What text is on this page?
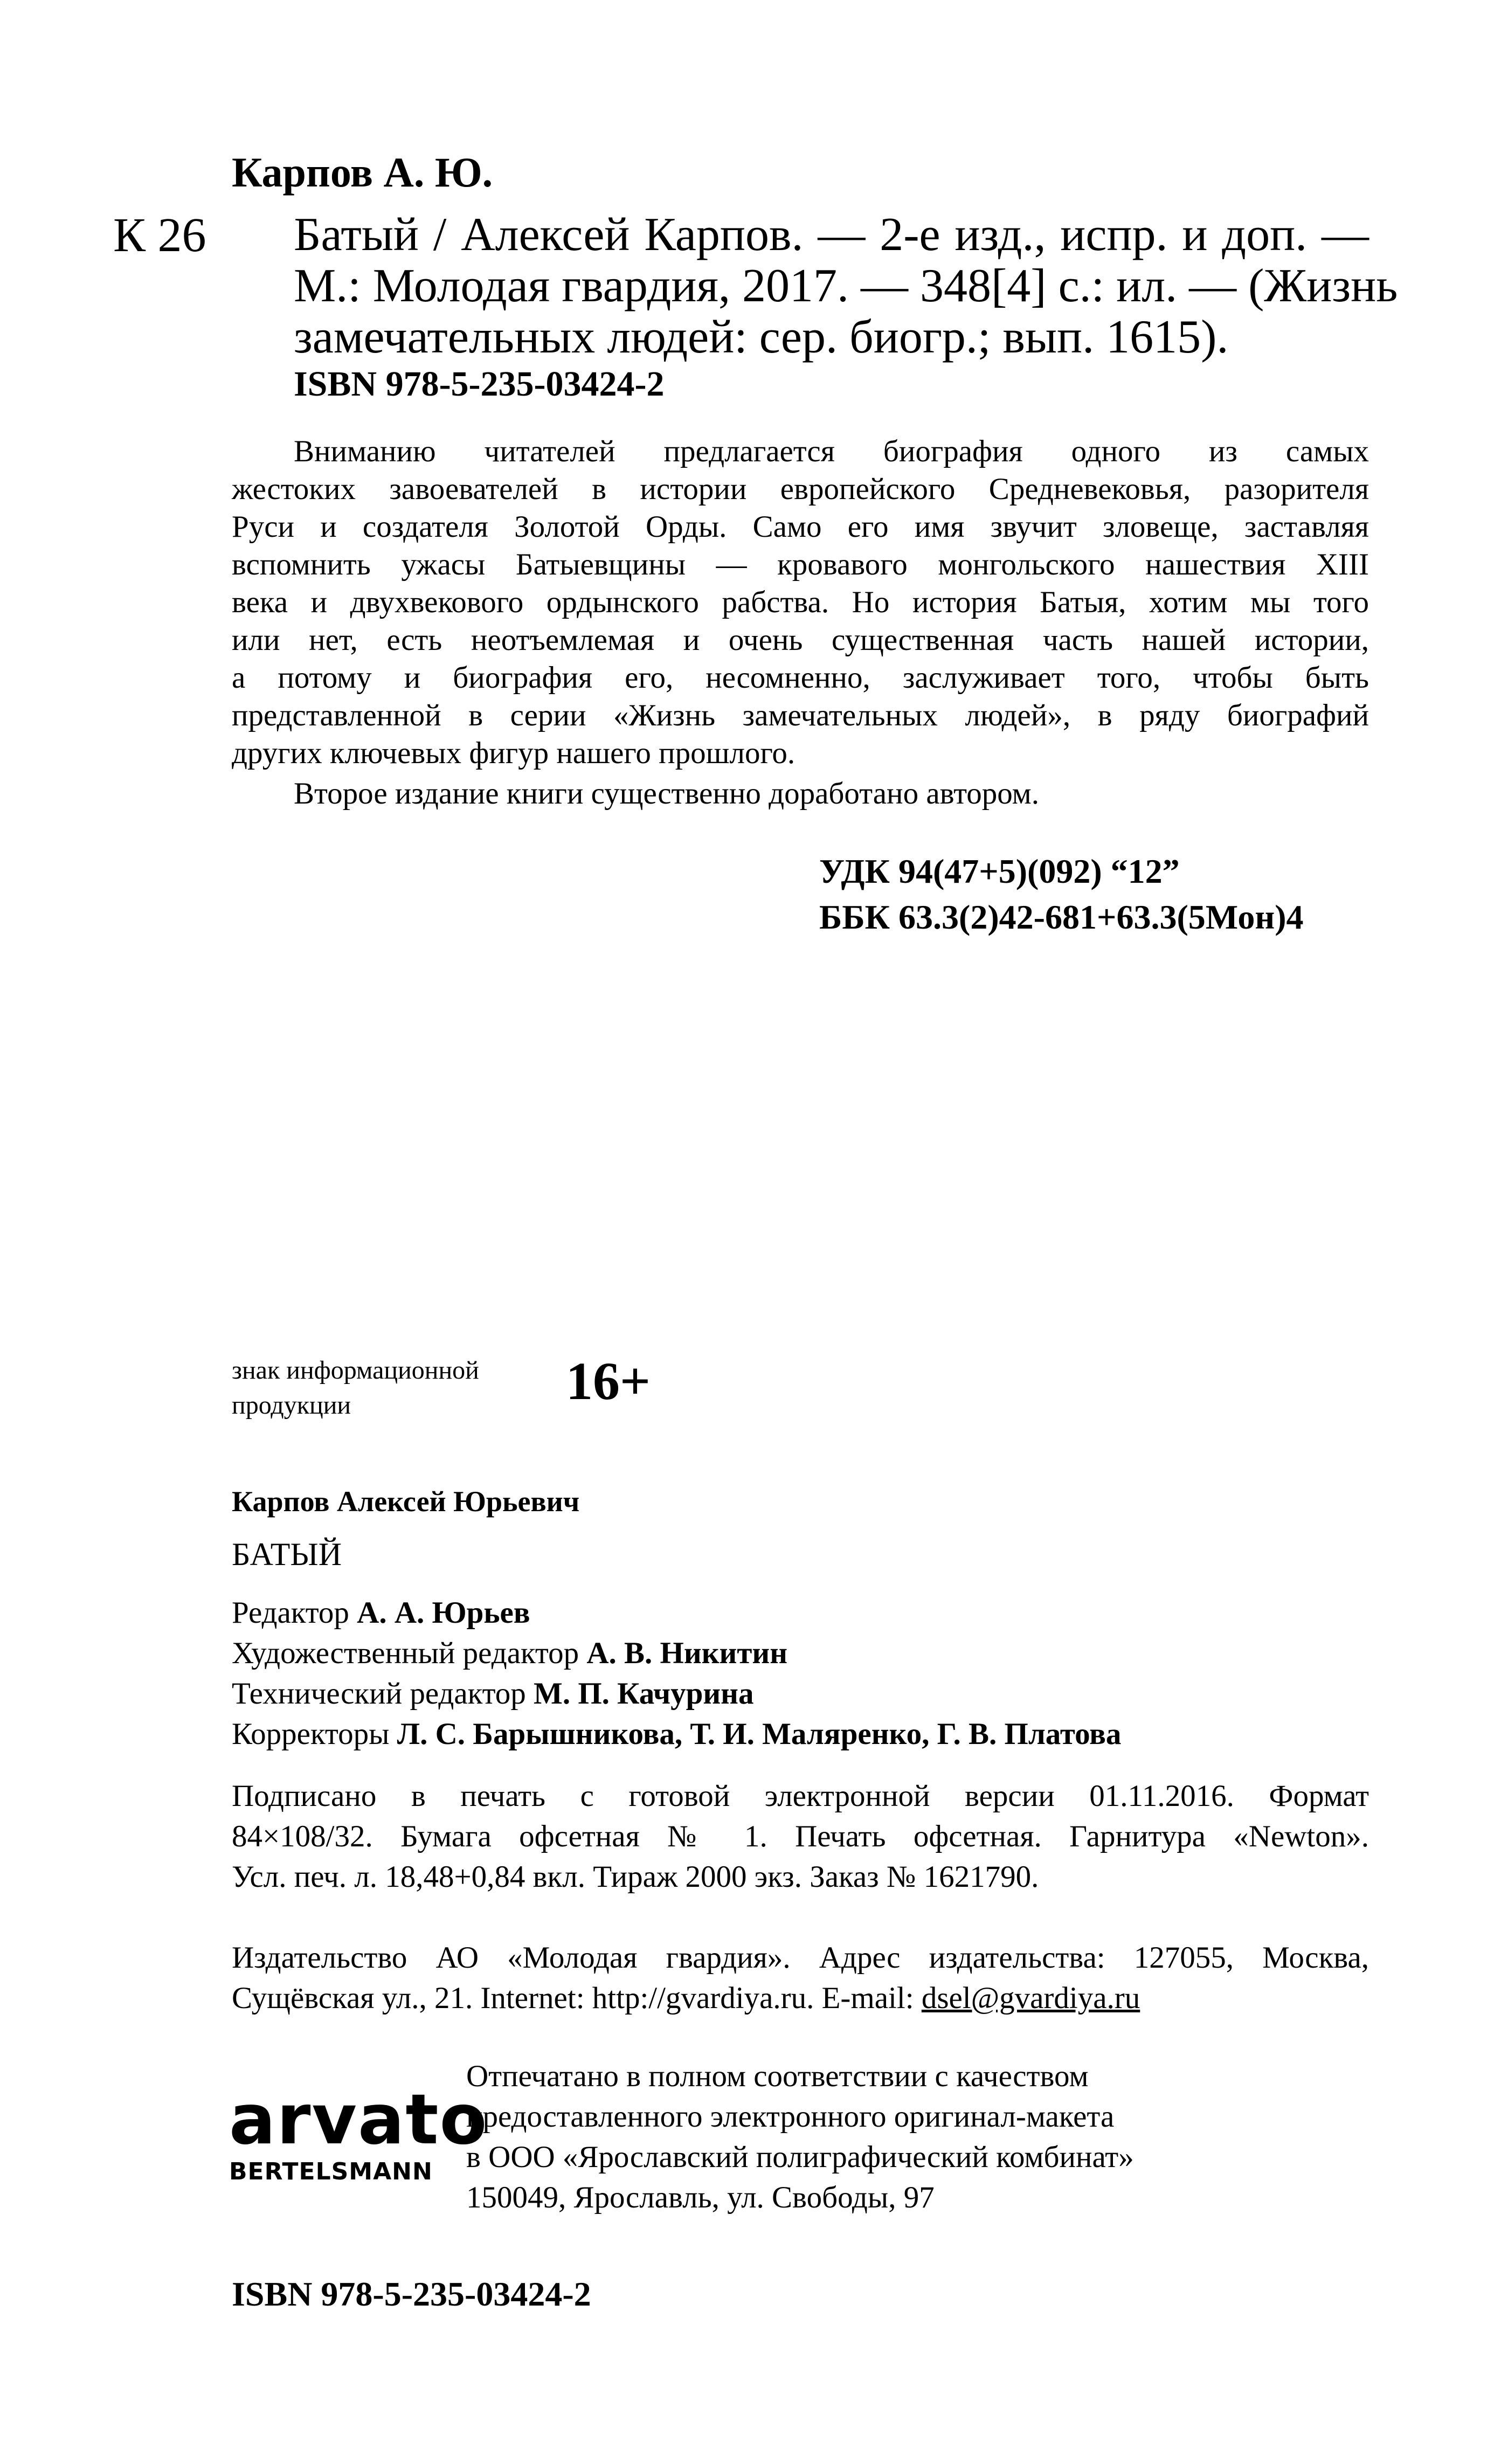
Карпов А. Ю.
К 26 Батый / Алексей Карпов. — 2-е изд., испр. и доп. —
М.: Молодая гвардия, 2017. — 348[4] с.: ил. — (Жизнь
замечательных людей: сер. биогр.; вып. 1615).
ISBN 978-5-235-03424-2
Вниманию читателей предлагается биография одного из самых
жестоких завоевателей в истории европейского Средневековья, разорителя
Руси и создателя Золотой Орды. Само его имя звучит зловеще, заставляя
вспомнить ужасы Батыевщины — кровавого монгольского нашествия XIII
века и двухвекового ордынского рабства. Но история Батыя, хотим мы того
или нет, есть неотъемлемая и очень существенная часть нашей истории,
а потому и биография его, несомненно, заслуживает того, чтобы быть
представленной в серии «Жизнь замечательных людей», в ряду биографий
других ключевых фигур нашего прошлого.
Второе издание книги существенно доработано автором.
УДК 94(47+5)(092) “12”
ББК 63.3(2)42-681+63.3(5Мон)4
знак информационной
продукции	16+
Карпов Алексей Юрьевич
БАТЫЙ
Редактор А. А. Юрьев
Художественный редактор А. В. Никитин
Технический редактор М. П. Качурина
Корректоры Л. С. Барышникова, Т. И. Маляренко, Г. В. Платова
Подписано в печать с готовой электронной версии 01.11.2016. Формат
84×108/32. Бумага офсетная № 1. Печать офсетная. Гарнитура «Newton».
Усл. печ. л. 18,48+0,84 вкл. Тираж 2000 экз. Заказ № 1621790.
Издательство АО «Молодая гвардия». Адрес издательства: 127055, Москва,
Сущёвская ул., 21. Internet: http://gvardiya.ru. E-mail: dsel@gvardiya.ru
arvato
BERTELSMANN
Отпечатано в полном соответствии с качеством
предоставленного электронного оригинал-макета
в ООО «Ярославский полиграфический комбинат»
150049, Ярославль, ул. Свободы, 97
ISBN 978-5-235-03424-2
